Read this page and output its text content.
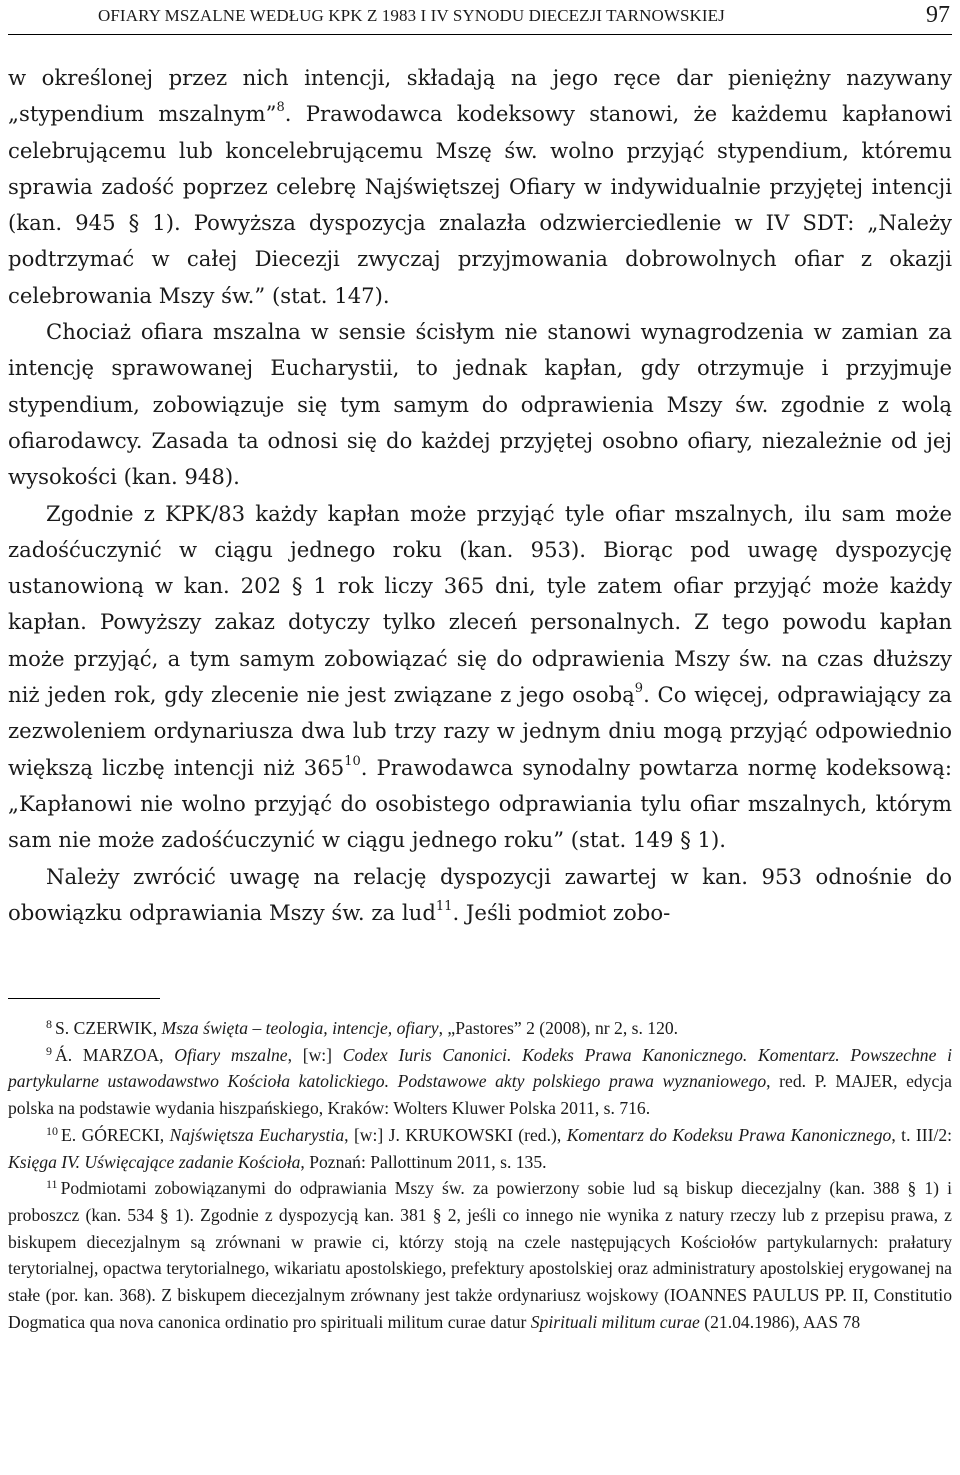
OFIARY MSZALNE WEDŁUG KPK Z 1983 I IV SYNODU DIECEZJI TARNOWSKIEJ	97

w określonej przez nich intencji, składają na jego ręce dar pieniężny nazywany „stypendium mszalnym”$^8$. Prawodawca kodeksowy stanowi, że każdemu kapłanowi celebrującemu lub koncelebrującemu Mszę św. wolno przyjąć stypendium, któremu sprawia zadość poprzez celebrę Najświętszej Ofiary w indywidualnie przyjętej intencji (kan. 945 § 1). Powyższa dyspozycja znalazła odzwierciedlenie w IV SDT: „Należy podtrzymać w całej Diecezji zwyczaj przyjmowania dobrowolnych ofiar z okazji celebrowania Mszy św.” (stat. 147).

Chociaż ofiara mszalna w sensie ścisłym nie stanowi wynagrodzenia w zamian za intencję sprawowanej Eucharystii, to jednak kapłan, gdy otrzymuje i przyjmuje stypendium, zobowiązuje się tym samym do odprawienia Mszy św. zgodnie z wolą ofiarodawcy. Zasada ta odnosi się do każdej przyjętej osobno ofiary, niezależnie od jej wysokości (kan. 948).

Zgodnie z KPK/83 każdy kapłan może przyjąć tyle ofiar mszalnych, ilu sam może zadośćuczynić w ciągu jednego roku (kan. 953). Biorąc pod uwagę dyspozycję ustanowioną w kan. 202 § 1 rok liczy 365 dni, tyle zatem ofiar przyjąć może każdy kapłan. Powyższy zakaz dotyczy tylko zleceń personalnych. Z tego powodu kapłan może przyjąć, a tym samym zobowiązać się do odprawienia Mszy św. na czas dłuższy niż jeden rok, gdy zlecenie nie jest związane z jego osobą$^9$. Co więcej, odprawiający za zezwoleniem ordynariusza dwa lub trzy razy w jednym dniu mogą przyjąć odpowiednio większą liczbę intencji niż $365^{10}$. Prawodawca synodalny powtarza normę kodeksową: „Kapłanowi nie wolno przyjąć do osobistego odprawiania tylu ofiar mszalnych, którym sam nie może zadośćuczynić w ciągu jednego roku” (stat. 149 § 1).

Należy zwrócić uwagę na relację dyspozycji zawartej w kan. 953 odnośnie do obowiązku odprawiania Mszy św. za lud$^{11}$. Jeśli podmiot zobo-

$^8$ S. CZERWIK, Msza święta – teologia, intencje, ofiary, „Pastores” 2 (2008), nr 2, s. 120.

$^9$ Á. MARZOA, Ofiary mszalne, [w:] Codex Iuris Canonici. Kodeks Prawa Kanonicznego. Komentarz. Powszechne i partykularne ustawodawstwo Kościoła katolickiego. Podstawowe akty polskiego prawa wyznaniowego, red. P. MAJER, edycja polska na podstawie wydania hiszpańskiego, Kraków: Wolters Kluwer Polska 2011, s. 716.

$^{10}$ E. GÓRECKI, Najświętsza Eucharystia, [w:] J. KRUKOWSKI (red.), Komentarz do Kodeksu Prawa Kanonicznego, t. III/2: Księga IV. Uświęcające zadanie Kościoła, Poznań: Pallottinum 2011, s. 135.

$^{11}$ Podmiotami zobowiązanymi do odprawiania Mszy św. za powierzony sobie lud są biskup diecezjalny (kan. 388 § 1) i proboszcz (kan. 534 § 1). Zgodnie z dyspozycją kan. 381 § 2, jeśli co innego nie wynika z natury rzeczy lub z przepisu prawa, z biskupem diecezjalnym są zrównani w prawie ci, którzy stoją na czele następujących Kościołów partykularnych: prałatury terytorialnej, opactwa terytorialnego, wikariatu apostolskiego, prefektury apostolskiej oraz administratury apostolskiej erygowanej na stałe (por. kan. 368). Z biskupem diecezjalnym zrównany jest także ordynariusz wojskowy (IOANNES PAULUS PP. II, Constitutio Dogmatica qua nova canonica ordinatio pro spirituali militum curae datur Spirituali militum curae (21.04.1986), AAS 78
